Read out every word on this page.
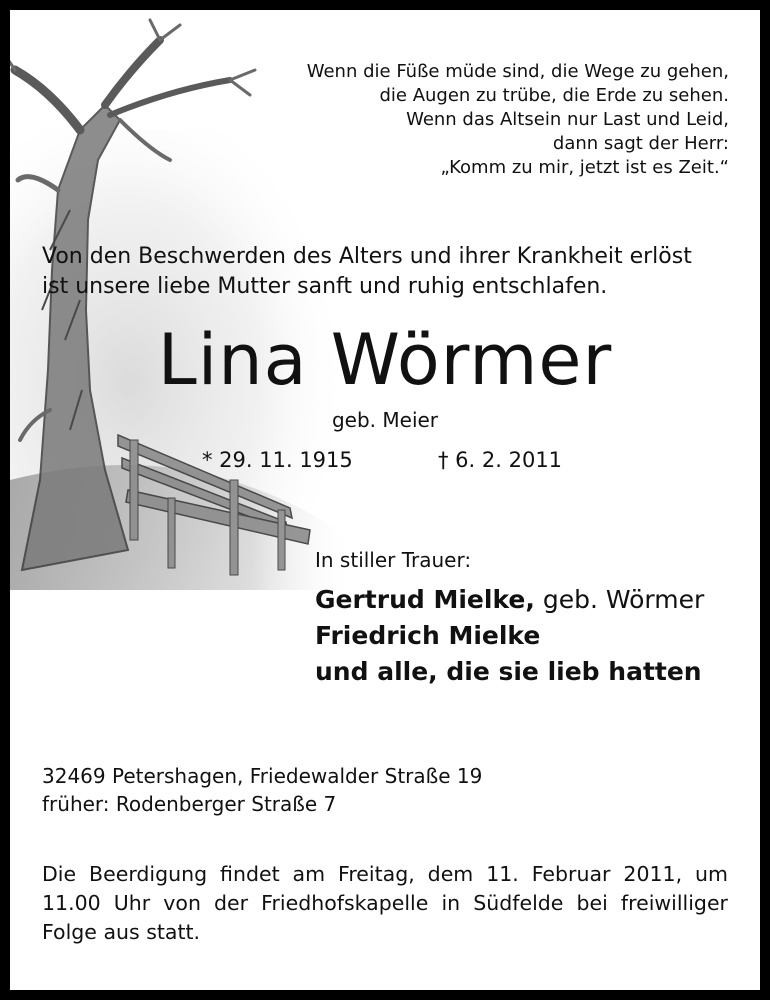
Wenn die Füße müde sind, die Wege zu gehen,
die Augen zu trübe, die Erde zu sehen.
Wenn das Altsein nur Last und Leid,
dann sagt der Herr:
„Komm zu mir, jetzt ist es Zeit.“
Von den Beschwerden des Alters und ihrer Krankheit erlöst
ist unsere liebe Mutter sanft und ruhig entschlafen.
Lina Wörmer
geb. Meier
* 29. 11. 1915	† 6. 2. 2011
In stiller Trauer:
Gertrud Mielke, geb. Wörmer
Friedrich Mielke
und alle, die sie lieb hatten
32469 Petershagen, Friedewalder Straße 19
früher: Rodenberger Straße 7
Die Beerdigung findet am Freitag, dem 11. Februar 2011, um 11.00 Uhr von der Friedhofskapelle in Südfelde bei freiwilliger Folge aus statt.
